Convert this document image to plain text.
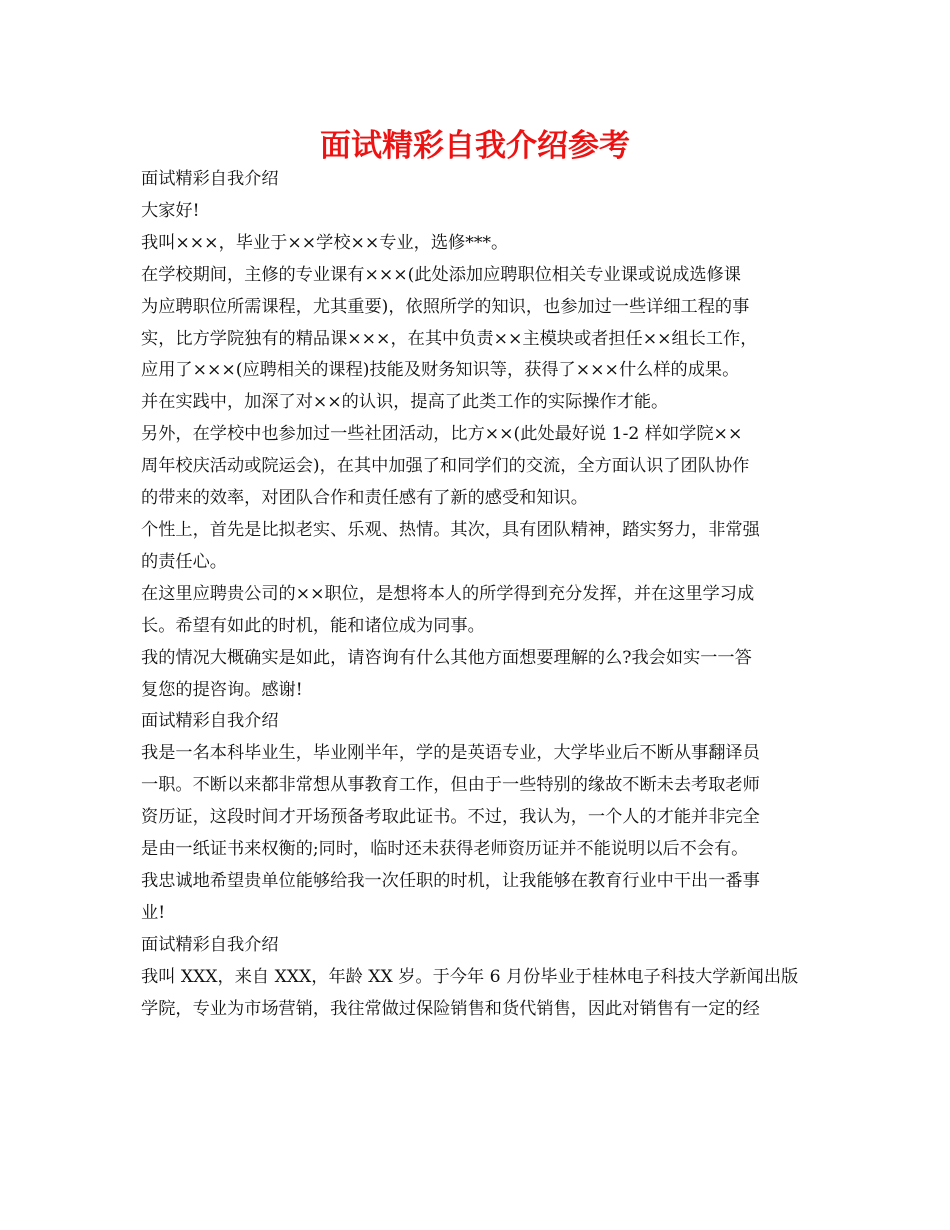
面试精彩自我介绍参考

面试精彩自我介绍

大家好!

我叫×××，毕业于××学校××专业，选修***。

在学校期间，主修的专业课有×××(此处添加应聘职位相关专业课或说成选修课

为应聘职位所需课程，尤其重要)，依照所学的知识，也参加过一些详细工程的事

实，比方学院独有的精品课×××，在其中负责××主模块或者担任××组长工作，

应用了×××(应聘相关的课程)技能及财务知识等，获得了×××什么样的成果。

并在实践中，加深了对××的认识，提高了此类工作的实际操作才能。

另外，在学校中也参加过一些社团活动，比方××(此处最好说 1-2 样如学院××

周年校庆活动或院运会)，在其中加强了和同学们的交流，全方面认识了团队协作

的带来的效率，对团队合作和责任感有了新的感受和知识。

个性上，首先是比拟老实、乐观、热情。其次，具有团队精神，踏实努力，非常强

的责任心。

在这里应聘贵公司的××职位，是想将本人的所学得到充分发挥，并在这里学习成

长。希望有如此的时机，能和诸位成为同事。

我的情况大概确实是如此，请咨询有什么其他方面想要理解的么?我会如实一一答

复您的提咨询。感谢!

面试精彩自我介绍

我是一名本科毕业生，毕业刚半年，学的是英语专业，大学毕业后不断从事翻译员

一职。不断以来都非常想从事教育工作，但由于一些特别的缘故不断未去考取老师

资历证，这段时间才开场预备考取此证书。不过，我认为，一个人的才能并非完全

是由一纸证书来权衡的;同时，临时还未获得老师资历证并不能说明以后不会有。

我忠诚地希望贵单位能够给我一次任职的时机，让我能够在教育行业中干出一番事

业!

面试精彩自我介绍

我叫 XXX，来自 XXX，年龄 XX 岁。于今年 6 月份毕业于桂林电子科技大学新闻出版

学院，专业为市场营销，我往常做过保险销售和货代销售，因此对销售有一定的经
